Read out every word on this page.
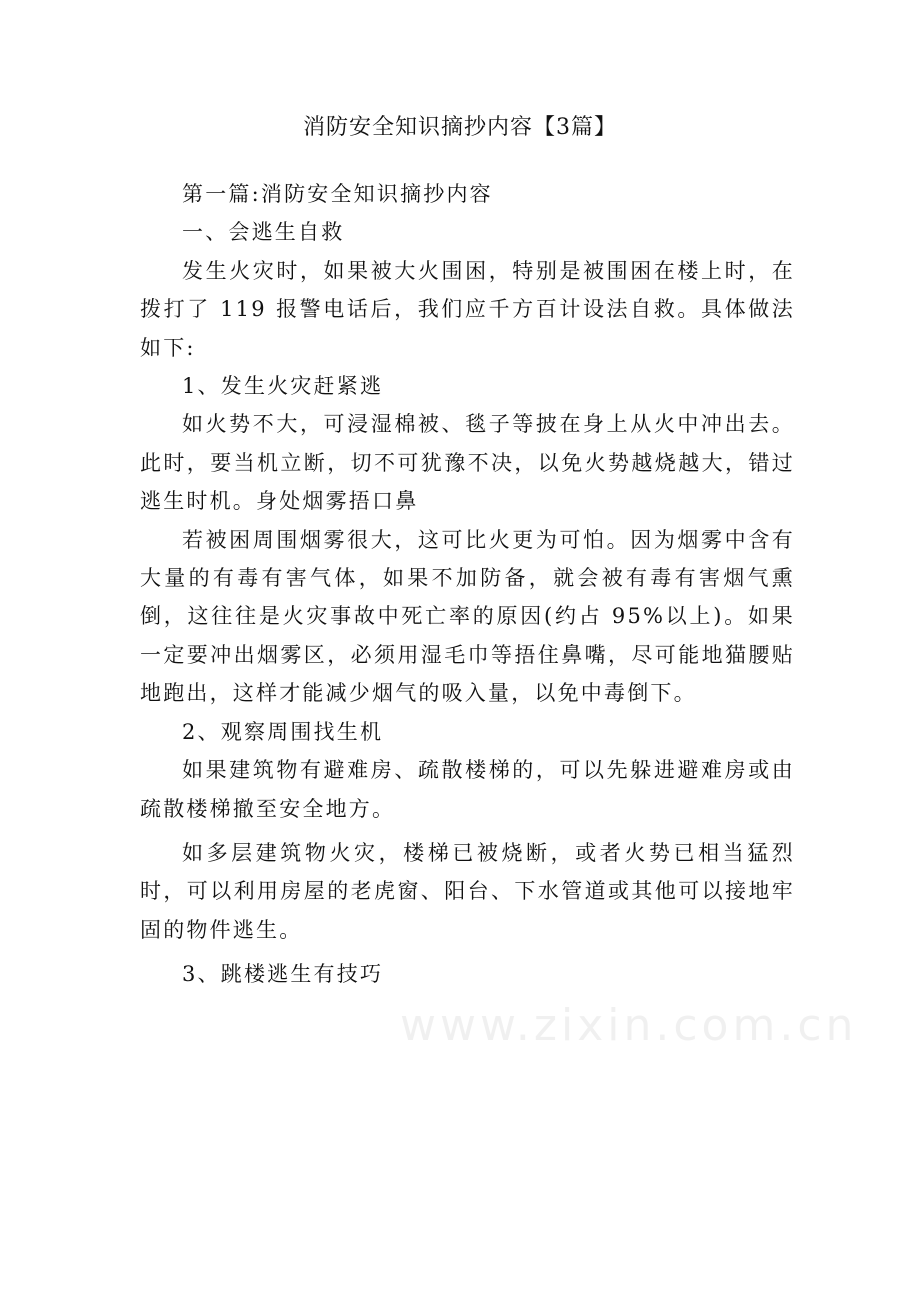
消防安全知识摘抄内容【3篇】

第一篇:消防安全知识摘抄内容

一、会逃生自救

发生火灾时，如果被大火围困，特别是被围困在楼上时，在拨打了 119 报警电话后，我们应千方百计设法自救。具体做法如下:

1、发生火灾赶紧逃

如火势不大，可浸湿棉被、毯子等披在身上从火中冲出去。此时，要当机立断，切不可犹豫不决，以免火势越烧越大，错过逃生时机。身处烟雾捂口鼻

若被困周围烟雾很大，这可比火更为可怕。因为烟雾中含有大量的有毒有害气体，如果不加防备，就会被有毒有害烟气熏倒，这往往是火灾事故中死亡率的原因(约占 95%以上)。如果一定要冲出烟雾区，必须用湿毛巾等捂住鼻嘴，尽可能地猫腰贴地跑出，这样才能减少烟气的吸入量，以免中毒倒下。

2、观察周围找生机

如果建筑物有避难房、疏散楼梯的，可以先躲进避难房或由疏散楼梯撤至安全地方。

如多层建筑物火灾，楼梯已被烧断，或者火势已相当猛烈时，可以利用房屋的老虎窗、阳台、下水管道或其他可以接地牢固的物件逃生。

3、跳楼逃生有技巧

www.zixin.com.cn
